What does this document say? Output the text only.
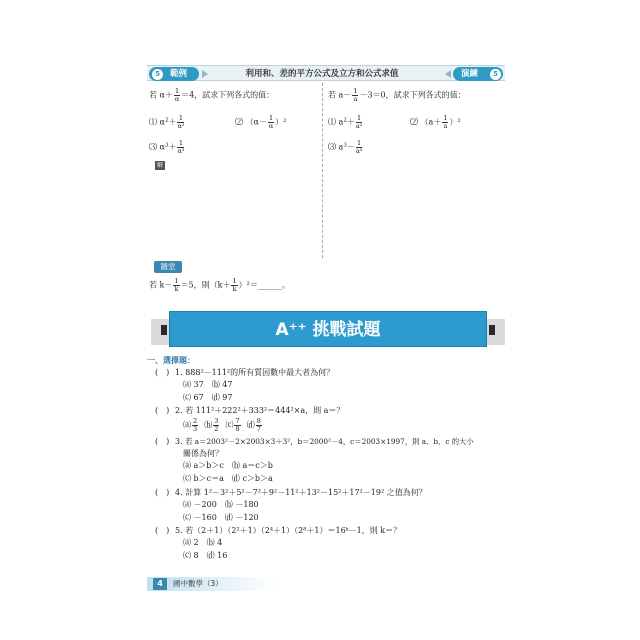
5 範例	利用和、差的平方公式及立方和公式求值	演練	5
若 $\alpha+ \frac{1}{\alpha} =4$，試求下列各式的值：
⑴ $\alpha^2+ \frac{1}{\text{α²}}$	⑵ $(\alpha- \frac{1}{\alpha} )^2$
⑶ $\alpha^3+ \frac{1}{\text{α³}}$
解
若 $a- \frac{1}{a} -3=0$，試求下列各式的值：
⑴ $a^2+ \frac{1}{\text{a²}}$	⑵ $(a+ \frac{1}{a} )^2$
⑶ $a^3- \frac{1}{\text{a³}}$
隨堂
若 $k- \frac{1}{k} =5$，則（$k+ \frac{1}{k}$ ）²＝______。
A⁺⁺ 挑戰試題
一、選擇題：
(　) 1. 888²－111²的所有質因數中最大者為何？
⒜ 37　⒝ 47
⒞ 67　⒟ 97
(　) 2. 若 111²＋222²＋333²＝444²×a，則 a＝？
⒜ $\frac{2}{3}$ ⒝ $\frac{3}{2}$ ⒞ $\frac{7}{8}$ ⒟ $\frac{8}{7}$
(　) 3. 若 a＝2003²－2×2003×3＋3²，b＝2000²－4，c＝2003×1997，則 a、b、c 的大小
關係為何？
⒜ a＞b＞c　⒝ a＝c＞b
⒞ b＞c＝a　⒟ c＞b＞a
(　) 4. 計算 1²－3²＋5²－7²＋9²－11²＋13²－15²＋17²－19² 之值為何？
⒜ －200　⒝ －180
⒞ －160　⒟ －120
(　) 5. 若（2＋1）（2²＋1）（2⁴＋1）（2⁸＋1）＝16ᵏ－1，則 k＝？
⒜ 2　⒝ 4
⒞ 8　⒟ 16
4	國中數學（3）
